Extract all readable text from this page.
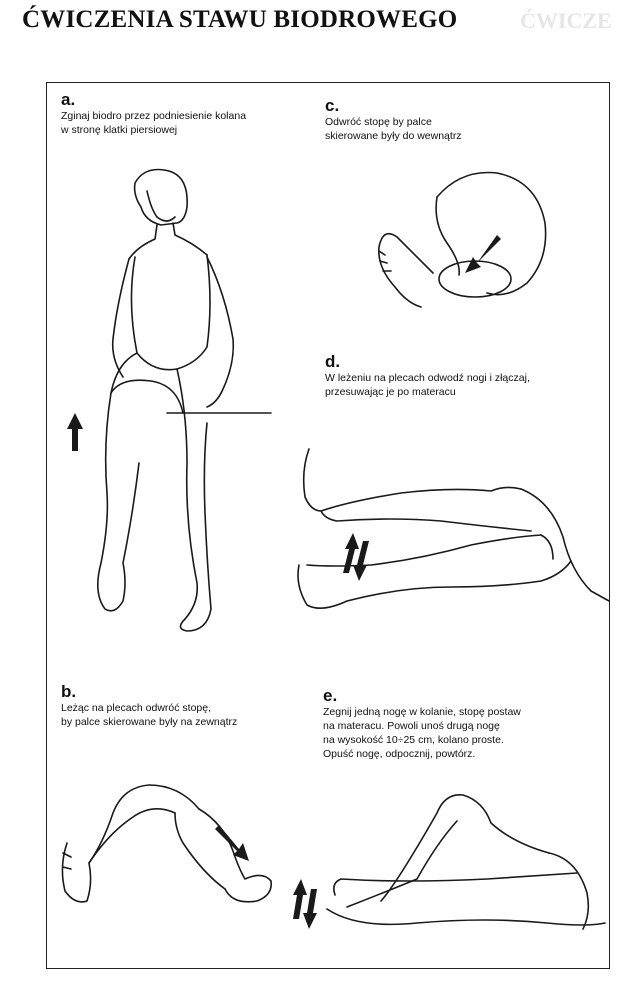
ĆWICZE
ĆWICZENIA STAWU BIODROWEGO
a.
Zginaj biodro przez podniesienie kolana
w stronę klatki piersiowej
c.
Odwróć stopę by palce
skierowane były do wewnątrz
d.
W leżeniu na plecach odwodź nogi i złączaj,
przesuwając je po materacu
b.
Leżąc na plecach odwróć stopę,
by palce skierowane były na zewnątrz
e.
Zegnij jedną nogę w kolanie, stopę postaw
na materacu. Powoli unoś drugą nogę
na wysokość 10÷25 cm, kolano proste.
Opuść nogę, odpocznij, powtórz.
